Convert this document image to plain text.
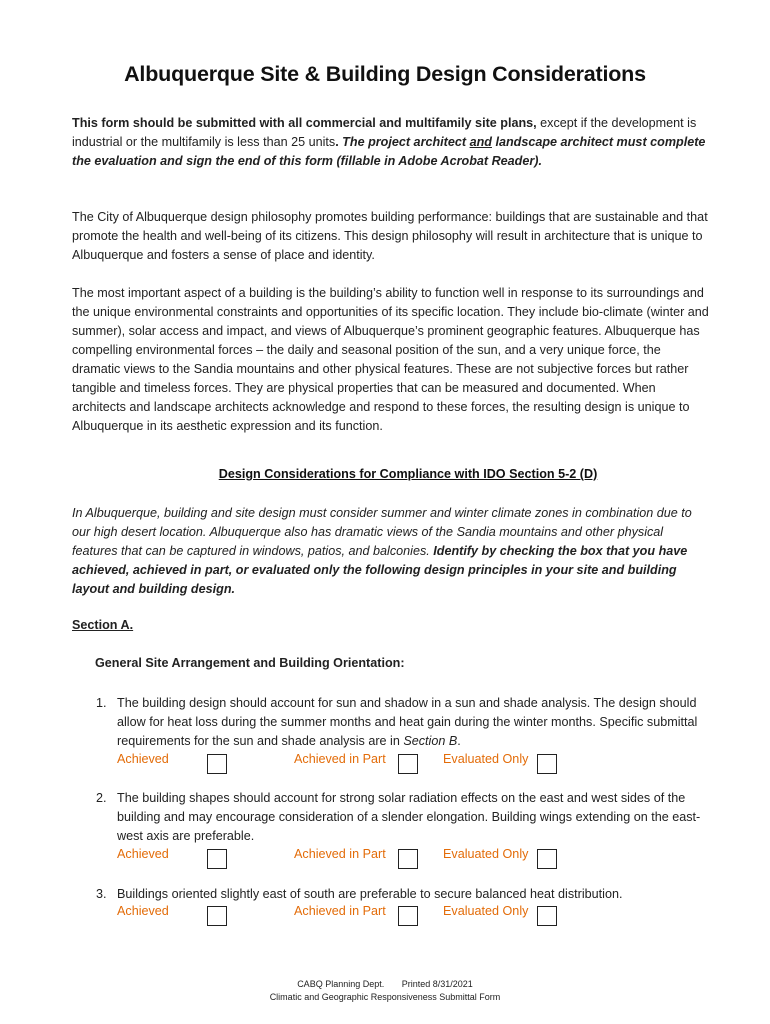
Albuquerque Site & Building Design Considerations
This form should be submitted with all commercial and multifamily site plans, except if the development is industrial or the multifamily is less than 25 units. The project architect and landscape architect must complete the evaluation and sign the end of this form (fillable in Adobe Acrobat Reader).
The City of Albuquerque design philosophy promotes building performance: buildings that are sustainable and that promote the health and well-being of its citizens. This design philosophy will result in architecture that is unique to Albuquerque and fosters a sense of place and identity.
The most important aspect of a building is the building’s ability to function well in response to its surroundings and the unique environmental constraints and opportunities of its specific location. They include bio-climate (winter and summer), solar access and impact, and views of Albuquerque’s prominent geographic features. Albuquerque has compelling environmental forces – the daily and seasonal position of the sun, and a very unique force, the dramatic views to the Sandia mountains and other physical features. These are not subjective forces but rather tangible and timeless forces. They are physical properties that can be measured and documented. When architects and landscape architects acknowledge and respond to these forces, the resulting design is unique to Albuquerque in its aesthetic expression and its function.
Design Considerations for Compliance with IDO Section 5-2 (D)
In Albuquerque, building and site design must consider summer and winter climate zones in combination due to our high desert location. Albuquerque also has dramatic views of the Sandia mountains and other physical features that can be captured in windows, patios, and balconies. Identify by checking the box that you have achieved, achieved in part, or evaluated only the following design principles in your site and building layout and building design.
Section A.
General Site Arrangement and Building Orientation:
1. The building design should account for sun and shadow in a sun and shade analysis. The design should allow for heat loss during the summer months and heat gain during the winter months. Specific submittal requirements for the sun and shade analysis are in Section B.
Achieved	Achieved in Part	Evaluated Only
2. The building shapes should account for strong solar radiation effects on the east and west sides of the building and may encourage consideration of a slender elongation. Building wings extending on the east-west axis are preferable.
Achieved	Achieved in Part	Evaluated Only
3. Buildings oriented slightly east of south are preferable to secure balanced heat distribution.
Achieved	Achieved in Part	Evaluated Only
CABQ Planning Dept.       Printed 8/31/2021
Climatic and Geographic Responsiveness Submittal Form
